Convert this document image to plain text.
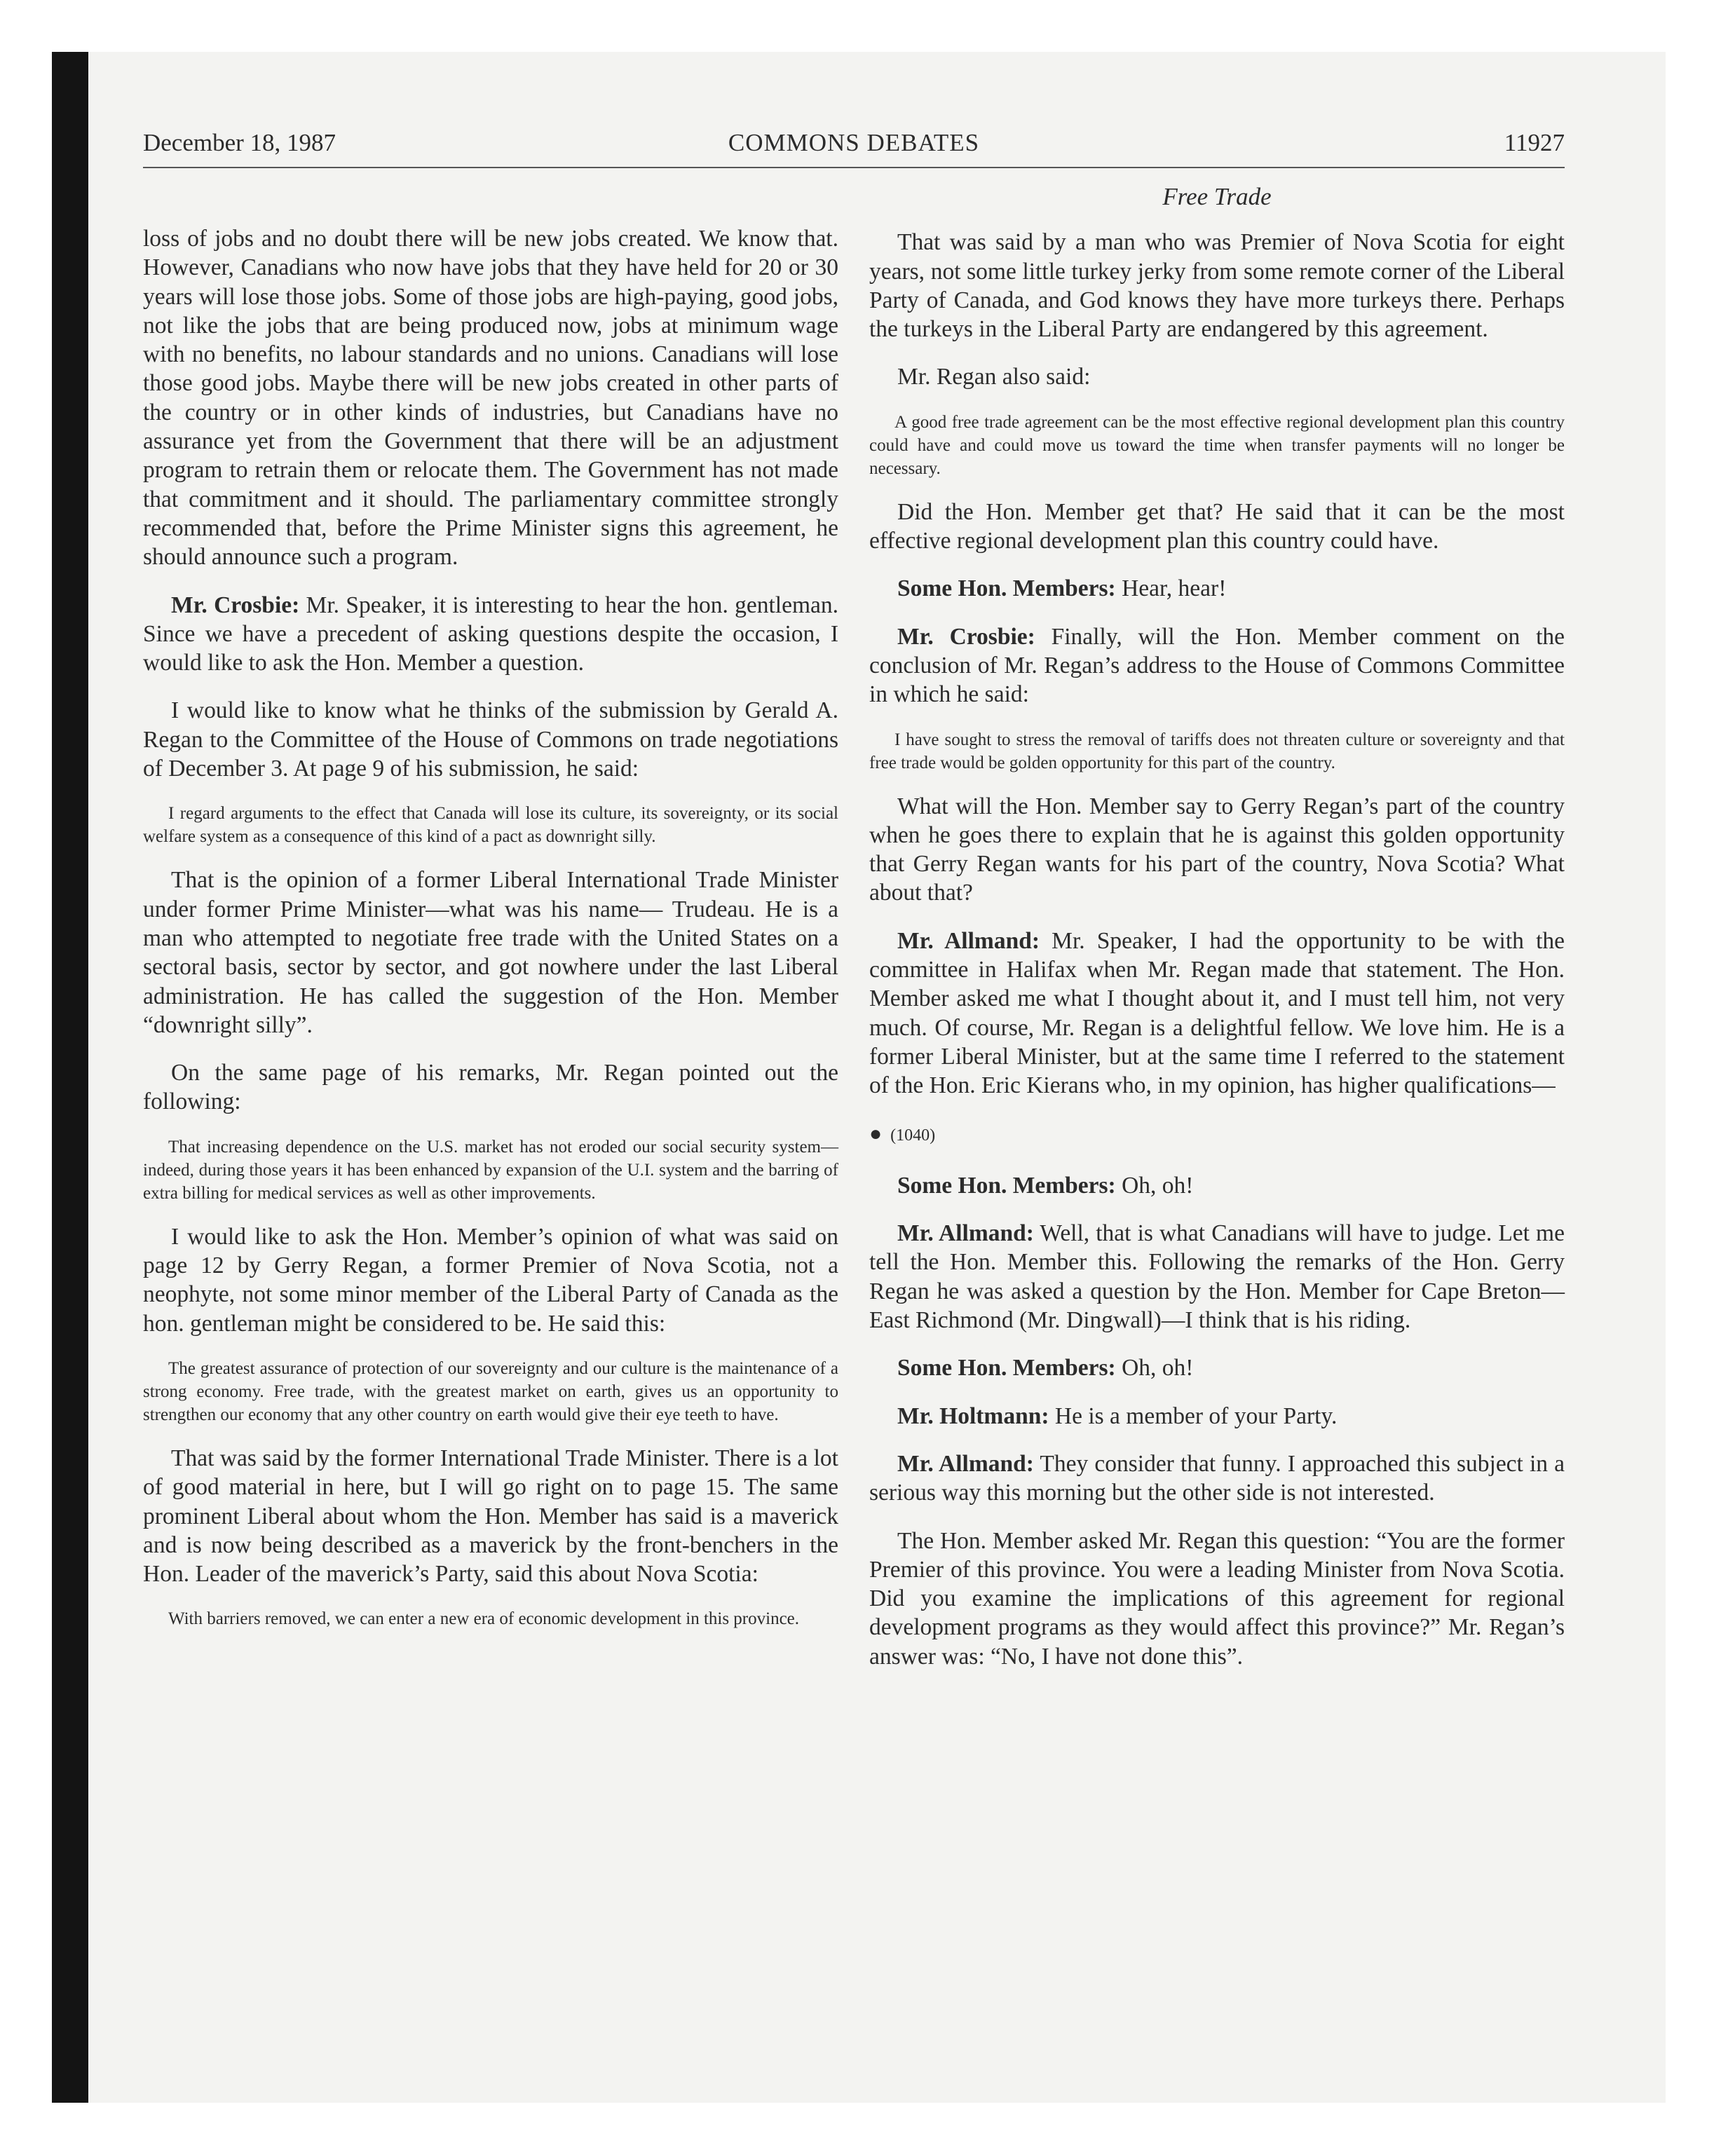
December 18, 1987	COMMONS DEBATES	11927

loss of jobs and no doubt there will be new jobs created. We know that. However, Canadians who now have jobs that they have held for 20 or 30 years will lose those jobs. Some of those jobs are high-paying, good jobs, not like the jobs that are being produced now, jobs at minimum wage with no benefits, no labour standards and no unions. Canadians will lose those good jobs. Maybe there will be new jobs created in other parts of the country or in other kinds of industries, but Canadians have no assurance yet from the Government that there will be an adjustment program to retrain them or relocate them. The Government has not made that commitment and it should. The parliamentary committee strongly recommended that, before the Prime Minister signs this agreement, he should announce such a program.

Mr. Crosbie: Mr. Speaker, it is interesting to hear the hon. gentleman. Since we have a precedent of asking questions despite the occasion, I would like to ask the Hon. Member a question.

I would like to know what he thinks of the submission by Gerald A. Regan to the Committee of the House of Commons on trade negotiations of December 3. At page 9 of his submission, he said:

I regard arguments to the effect that Canada will lose its culture, its sovereignty, or its social welfare system as a consequence of this kind of a pact as downright silly.

That is the opinion of a former Liberal International Trade Minister under former Prime Minister—what was his name— Trudeau. He is a man who attempted to negotiate free trade with the United States on a sectoral basis, sector by sector, and got nowhere under the last Liberal administration. He has called the suggestion of the Hon. Member “downright silly”.

On the same page of his remarks, Mr. Regan pointed out the following:

That increasing dependence on the U.S. market has not eroded our social security system—indeed, during those years it has been enhanced by expansion of the U.I. system and the barring of extra billing for medical services as well as other improvements.

I would like to ask the Hon. Member’s opinion of what was said on page 12 by Gerry Regan, a former Premier of Nova Scotia, not a neophyte, not some minor member of the Liberal Party of Canada as the hon. gentleman might be considered to be. He said this:

The greatest assurance of protection of our sovereignty and our culture is the maintenance of a strong economy. Free trade, with the greatest market on earth, gives us an opportunity to strengthen our economy that any other country on earth would give their eye teeth to have.

That was said by the former International Trade Minister. There is a lot of good material in here, but I will go right on to page 15. The same prominent Liberal about whom the Hon. Member has said is a maverick and is now being described as a maverick by the front-benchers in the Hon. Leader of the maverick’s Party, said this about Nova Scotia:

With barriers removed, we can enter a new era of economic development in this province.
Free Trade

That was said by a man who was Premier of Nova Scotia for eight years, not some little turkey jerky from some remote corner of the Liberal Party of Canada, and God knows they have more turkeys there. Perhaps the turkeys in the Liberal Party are endangered by this agreement.

Mr. Regan also said:

A good free trade agreement can be the most effective regional development plan this country could have and could move us toward the time when transfer payments will no longer be necessary.

Did the Hon. Member get that? He said that it can be the most effective regional development plan this country could have.

Some Hon. Members: Hear, hear!

Mr. Crosbie: Finally, will the Hon. Member comment on the conclusion of Mr. Regan’s address to the House of Commons Committee in which he said:

I have sought to stress the removal of tariffs does not threaten culture or sovereignty and that free trade would be golden opportunity for this part of the country.

What will the Hon. Member say to Gerry Regan’s part of the country when he goes there to explain that he is against this golden opportunity that Gerry Regan wants for his part of the country, Nova Scotia? What about that?

Mr. Allmand: Mr. Speaker, I had the opportunity to be with the committee in Halifax when Mr. Regan made that statement. The Hon. Member asked me what I thought about it, and I must tell him, not very much. Of course, Mr. Regan is a delightful fellow. We love him. He is a former Liberal Minister, but at the same time I referred to the statement of the Hon. Eric Kierans who, in my opinion, has higher qualifications—

● (1040)

Some Hon. Members: Oh, oh!

Mr. Allmand: Well, that is what Canadians will have to judge. Let me tell the Hon. Member this. Following the remarks of the Hon. Gerry Regan he was asked a question by the Hon. Member for Cape Breton—East Richmond (Mr. Dingwall)—I think that is his riding.

Some Hon. Members: Oh, oh!

Mr. Holtmann: He is a member of your Party.

Mr. Allmand: They consider that funny. I approached this subject in a serious way this morning but the other side is not interested.

The Hon. Member asked Mr. Regan this question: “You are the former Premier of this province. You were a leading Minister from Nova Scotia. Did you examine the implications of this agreement for regional development programs as they would affect this province?” Mr. Regan’s answer was: “No, I have not done this”.
